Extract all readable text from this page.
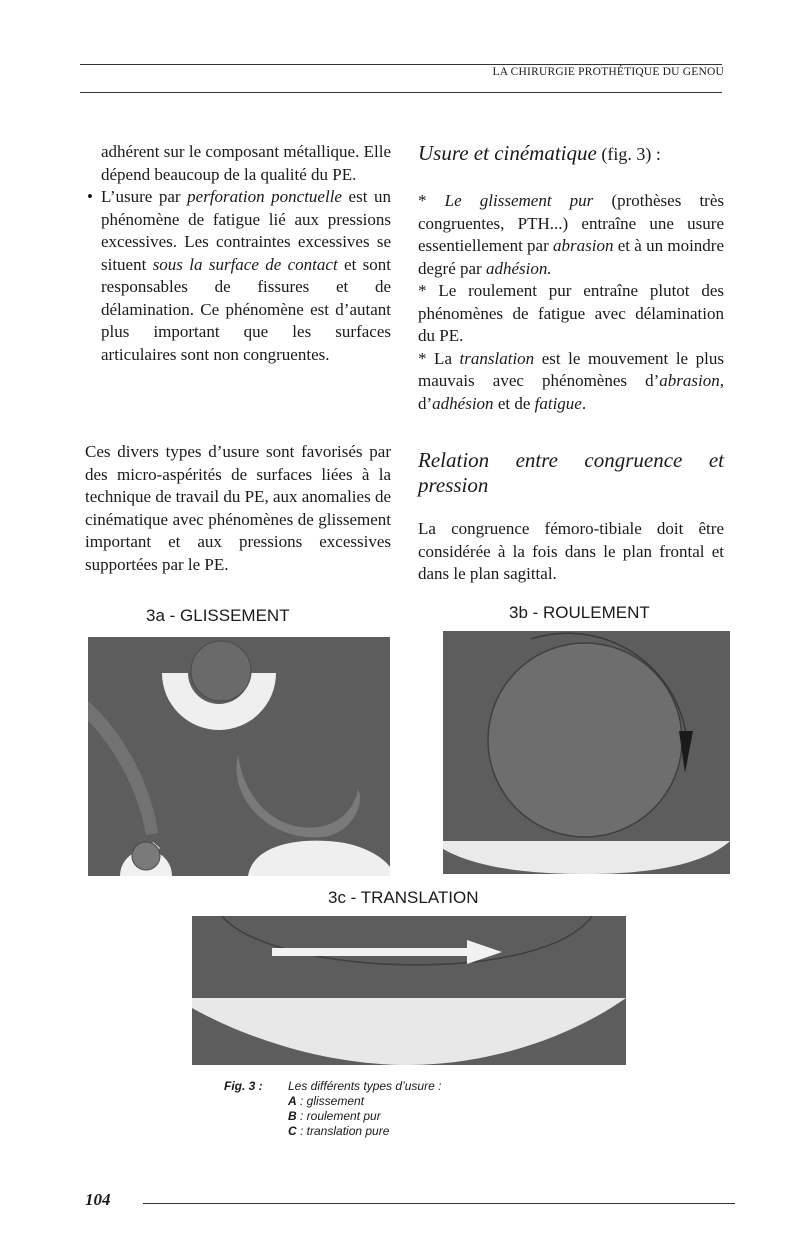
LA CHIRURGIE PROTHÉTIQUE DU GENOU

adhérent sur le composant métallique. Elle dépend beaucoup de la qualité du PE.

• L’usure par perforation ponctuelle est un phénomène de fatigue lié aux pressions excessives. Les contraintes excessives se situent sous la surface de contact et sont responsables de fissures et de délamination. Ce phénomène est d’autant plus important que les surfaces articulaires sont non congruentes.

Ces divers types d’usure sont favorisés par des micro-aspérités de surfaces liées à la technique de travail du PE, aux anomalies de cinématique avec phénomènes de glissement important et aux pressions excessives supportées par le PE.

Usure et cinématique (fig. 3) :

* Le glissement pur (prothèses très congruentes, PTH...) entraîne une usure essentiellement par abrasion et à un moindre degré par adhésion.

* Le roulement pur entraîne plutot des phénomènes de fatigue avec délamination du PE.

* La translation est le mouvement le plus mauvais avec phénomènes d’abrasion, d’adhésion et de fatigue.

Relation entre congruence et pression

La congruence fémoro-tibiale doit être considérée à la fois dans le plan frontal et dans le plan sagittal.

3a - GLISSEMENT	3b - ROULEMENT
3c - TRANSLATION
Fig. 3 : Les différents types d’usure :
A : glissement
B : roulement pur
C : translation pure
104
